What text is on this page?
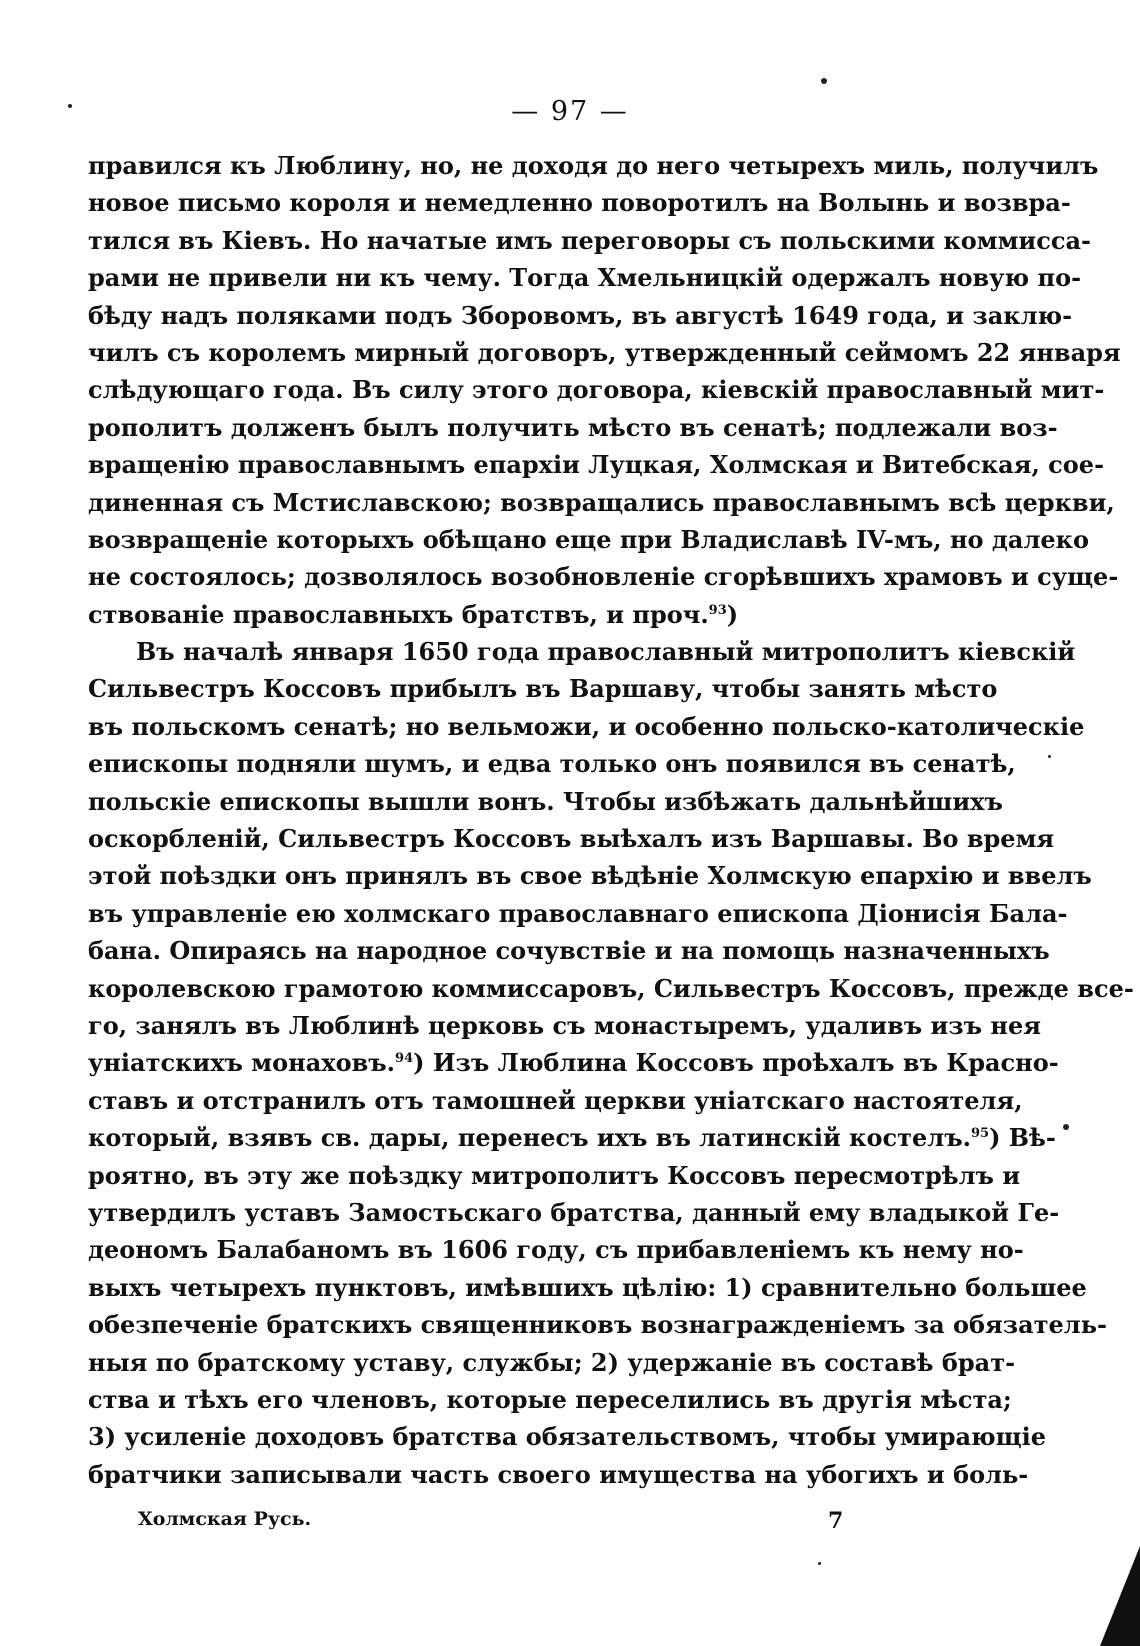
— 97 —
правился къ Люблину, но, не доходя до него четырехъ миль, получилъ
новое письмо короля и немедленно поворотилъ на Волынь и возвра-
тился въ Кіевъ. Но начатые имъ переговоры съ польскими коммисса-
рами не привели ни къ чему. Тогда Хмельницкій одержалъ новую по-
бѣду надъ поляками подъ Зборовомъ, въ августѣ 1649 года, и заклю-
чилъ съ королемъ мирный договоръ, утвержденный сеймомъ 22 января
слѣдующаго года. Въ силу этого договора, кіевскій православный мит-
рополитъ долженъ былъ получить мѣсто въ сенатѣ; подлежали воз-
вращенію православнымъ епархіи Луцкая, Холмская и Витебская, сое-
диненная съ Мстиславскою; возвращались православнымъ всѣ церкви,
возвращеніе которыхъ обѣщано еще при Владиславѣ IV-мъ, но далеко
не состоялось; дозволялось возобновленіе сгорѣвшихъ храмовъ и суще-
ствованіе православныхъ братствъ, и проч.$^{93}$)
Въ началѣ января 1650 года православный митрополитъ кіевскій
Сильвестръ Коссовъ прибылъ въ Варшаву, чтобы занять мѣсто
въ польскомъ сенатѣ; но вельможи, и особенно польско-католическіе
епископы подняли шумъ, и едва только онъ появился въ сенатѣ,
польскіе епископы вышли вонъ. Чтобы избѣжать дальнѣйшихъ
оскорбленій, Сильвестръ Коссовъ выѣхалъ изъ Варшавы. Во время
этой поѣздки онъ принялъ въ свое вѣдѣніе Холмскую епархію и ввелъ
въ управленіе ею холмскаго православнаго епископа Діонисія Бала-
бана. Опираясь на народное сочувствіе и на помощь назначенныхъ
королевскою грамотою коммиссаровъ, Сильвестръ Коссовъ, прежде все-
го, занялъ въ Люблинѣ церковь съ монастыремъ, удаливъ изъ нея
уніатскихъ монаховъ.$^{94}$) Изъ Люблина Коссовъ проѣхалъ въ Красно-
ставъ и отстранилъ отъ тамошней церкви уніатскаго настоятеля,
который, взявъ св. дары, перенесъ ихъ въ латинскій костелъ.$^{95}$) Вѣ-
роятно, въ эту же поѣздку митрополитъ Коссовъ пересмотрѣлъ и
утвердилъ уставъ Замостьскаго братства, данный ему владыкой Ге-
деономъ Балабаномъ въ 1606 году, съ прибавленіемъ къ нему но-
выхъ четырехъ пунктовъ, имѣвшихъ цѣлію: 1) сравнительно большее
обезпеченіе братскихъ священниковъ вознагражденіемъ за обязатель-
ныя по братскому уставу, службы; 2) удержаніе въ составѣ брат-
ства и тѣхъ его членовъ, которые переселились въ другія мѣста;
3) усиленіе доходовъ братства обязательствомъ, чтобы умирающіе
братчики записывали часть своего имущества на убогихъ и боль-
Холмская Русь.	7
